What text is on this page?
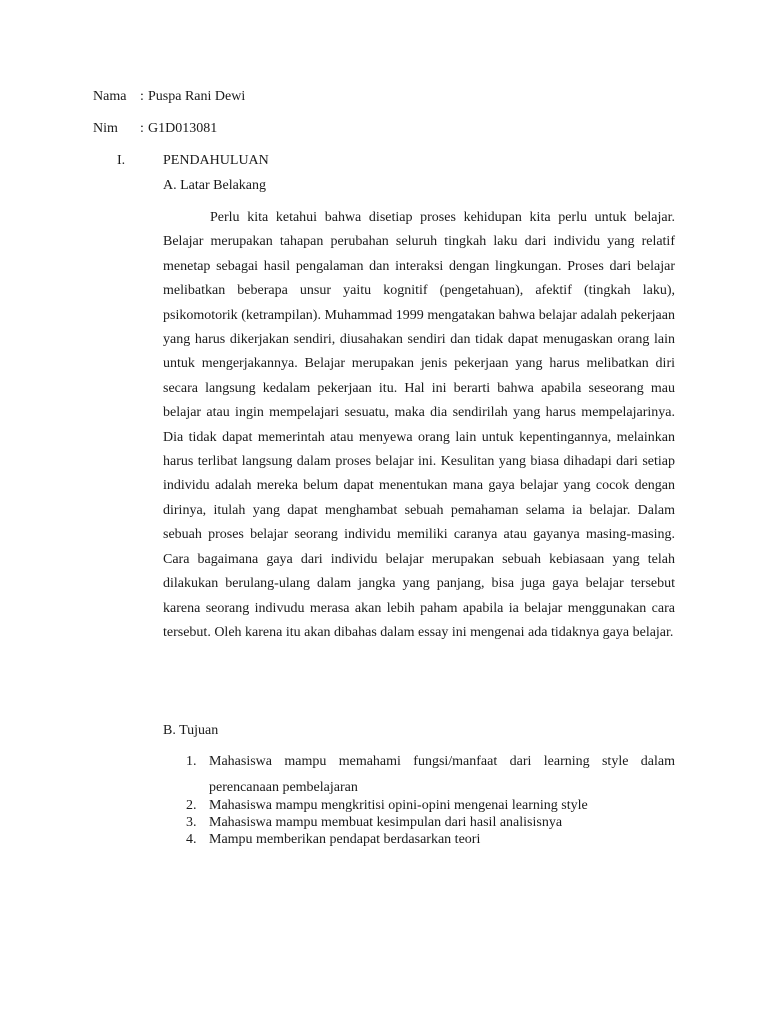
Nama : Puspa Rani Dewi
Nim : G1D013081
I.	PENDAHULUAN
A. Latar Belakang

Perlu kita ketahui bahwa disetiap proses kehidupan kita perlu untuk belajar. Belajar merupakan tahapan perubahan seluruh tingkah laku dari individu yang relatif menetap sebagai hasil pengalaman dan interaksi dengan lingkungan. Proses dari belajar melibatkan beberapa unsur yaitu kognitif (pengetahuan), afektif (tingkah laku), psikomotorik (ketrampilan). Muhammad 1999 mengatakan bahwa belajar adalah pekerjaan yang harus dikerjakan sendiri, diusahakan sendiri dan tidak dapat menugaskan orang lain untuk mengerjakannya. Belajar merupakan jenis pekerjaan yang harus melibatkan diri secara langsung kedalam pekerjaan itu. Hal ini berarti bahwa apabila seseorang mau belajar atau ingin mempelajari sesuatu, maka dia sendirilah yang harus mempelajarinya. Dia tidak dapat memerintah atau menyewa orang lain untuk kepentingannya, melainkan harus terlibat langsung dalam proses belajar ini. Kesulitan yang biasa dihadapi dari setiap individu adalah mereka belum dapat menentukan mana gaya belajar yang cocok dengan dirinya, itulah yang dapat menghambat sebuah pemahaman selama ia belajar. Dalam sebuah proses belajar seorang individu memiliki caranya atau gayanya masing-masing. Cara bagaimana gaya dari individu belajar merupakan sebuah kebiasaan yang telah dilakukan berulang-ulang dalam jangka yang panjang, bisa juga gaya belajar tersebut karena seorang indivudu merasa akan lebih paham apabila ia belajar menggunakan cara tersebut. Oleh karena itu akan dibahas dalam essay ini mengenai ada tidaknya gaya belajar.

B. Tujuan
1. Mahasiswa mampu memahami fungsi/manfaat dari learning style dalam perencanaan pembelajaran
2. Mahasiswa mampu mengkritisi opini-opini mengenai learning style
3. Mahasiswa mampu membuat kesimpulan dari hasil analisisnya
4. Mampu memberikan pendapat berdasarkan teori
